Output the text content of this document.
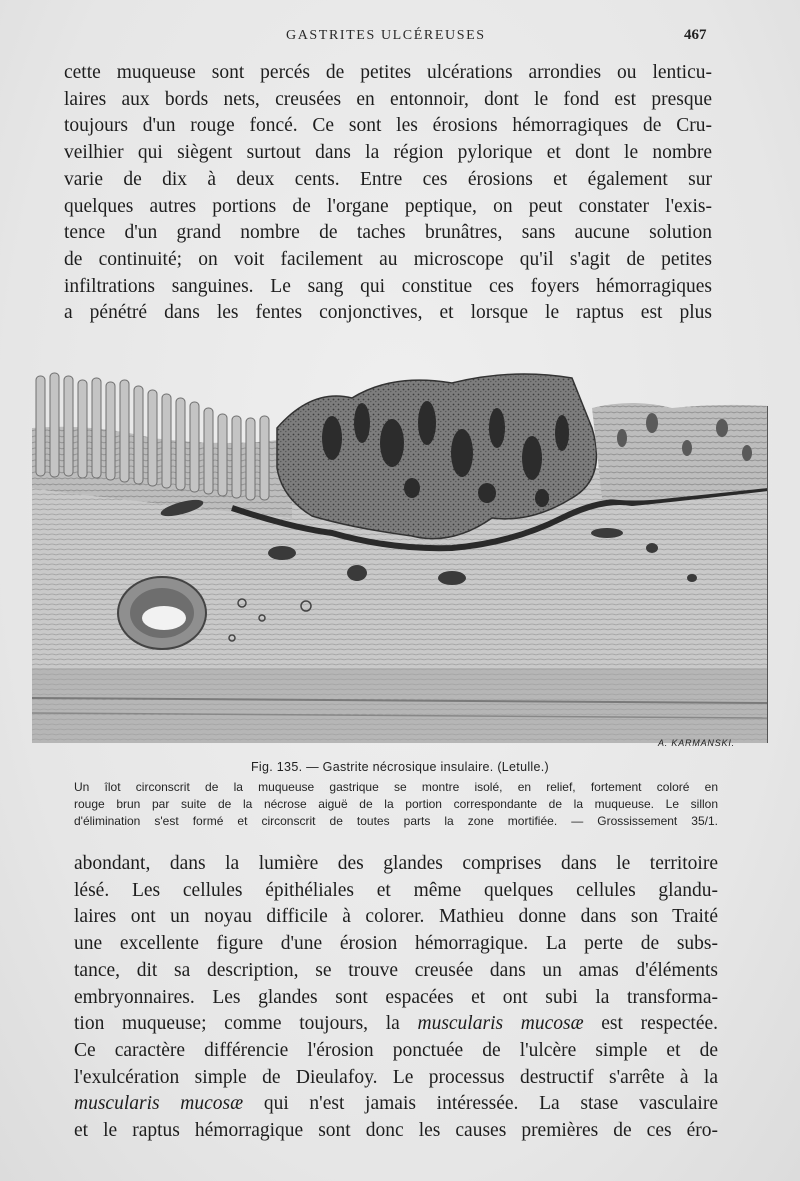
GASTRITES ULCÉREUSES	467
cette muqueuse sont percés de petites ulcérations arrondies ou lenticu-
laires aux bords nets, creusées en entonnoir, dont le fond est presque
toujours d'un rouge foncé. Ce sont les érosions hémorragiques de Cru-
veilhier qui siègent surtout dans la région pylorique et dont le nombre
varie de dix à deux cents. Entre ces érosions et également sur
quelques autres portions de l'organe peptique, on peut constater l'exis-
tence d'un grand nombre de taches brunâtres, sans aucune solution
de continuité; on voit facilement au microscope qu'il s'agit de petites
infiltrations sanguines. Le sang qui constitue ces foyers hémorragiques
a pénétré dans les fentes conjonctives, et lorsque le raptus est plus
A. KARMANSKI.
Fig. 135. — Gastrite nécrosique insulaire. (Letulle.)
Un îlot circonscrit de la muqueuse gastrique se montre isolé, en relief, fortement coloré en
rouge brun par suite de la nécrose aiguë de la portion correspondante de la muqueuse. Le sillon
d'élimination s'est formé et circonscrit de toutes parts la zone mortifiée. — Grossissement 35/1.
abondant, dans la lumière des glandes comprises dans le territoire
lésé. Les cellules épithéliales et même quelques cellules glandu-
laires ont un noyau difficile à colorer. Mathieu donne dans son Traité
une excellente figure d'une érosion hémorragique. La perte de subs-
tance, dit sa description, se trouve creusée dans un amas d'éléments
embryonnaires. Les glandes sont espacées et ont subi la transforma-
tion muqueuse; comme toujours, la muscularis mucosæ est respectée.
Ce caractère différencie l'érosion ponctuée de l'ulcère simple et de
l'exulcération simple de Dieulafoy. Le processus destructif s'arrête à la
muscularis mucosæ qui n'est jamais intéressée. La stase vasculaire
et le raptus hémorragique sont donc les causes premières de ces éro-
